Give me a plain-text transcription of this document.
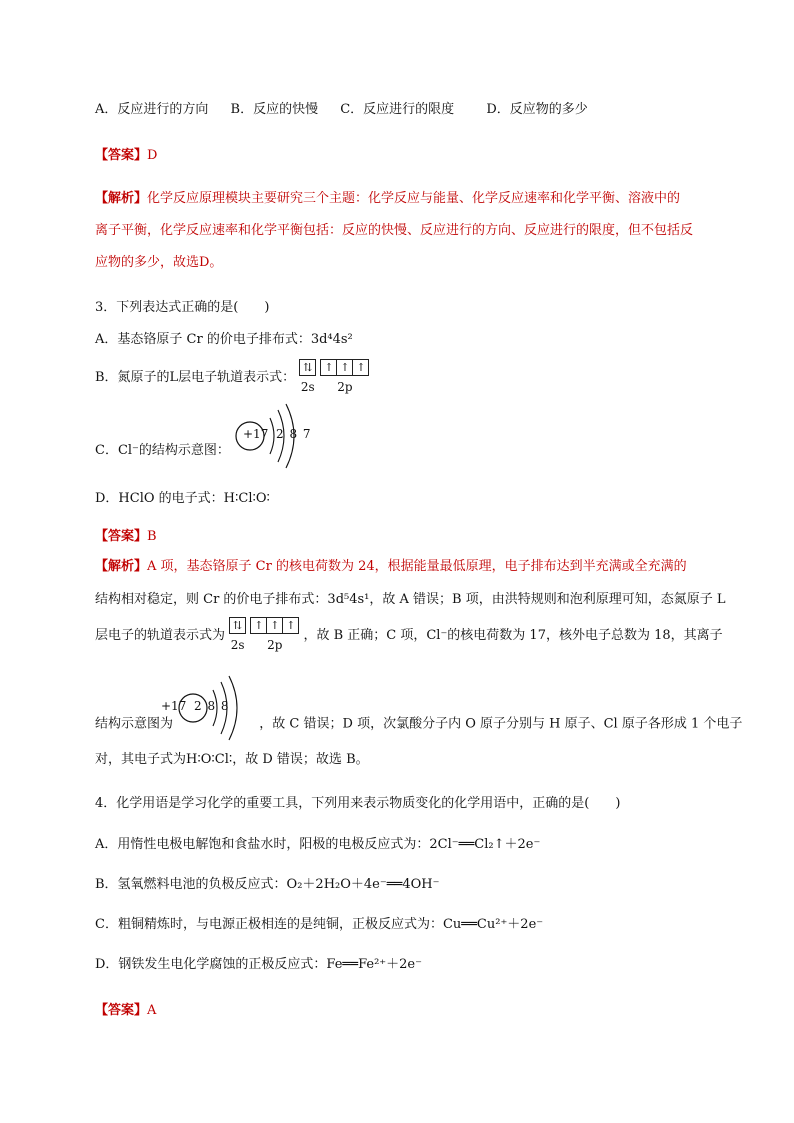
A．反应进行的方向 B．反应的快慢 C．反应进行的限度 D．反应物的多少
【答案】D
【解析】化学反应原理模块主要研究三个主题：化学反应与能量、化学反应速率和化学平衡、溶液中的
离子平衡，化学反应速率和化学平衡包括：反应的快慢、反应进行的方向、反应进行的限度，但不包括反
应物的多少，故选D。
3．下列表达式正确的是(　　)
A．基态铬原子 Cr 的价电子排布式：3d⁴4s²
B．氮原子的L层电子轨道表示式：
⇅

2s
↑ ↑ ↑

2p
C．Cl⁻的结构示意图：
+17 2 8 7
D．HClO 的电子式：H∶Cl∶O∶
【答案】B
【解析】A 项，基态铬原子 Cr 的核电荷数为 24，根据能量最低原理，电子排布达到半充满或全充满的
结构相对稳定，则 Cr 的价电子排布式：3d⁵4s¹，故 A 错误；B 项，由洪特规则和泡利原理可知，态氮原子 L
层电子的轨道表示式为
⇅

2s
↑ ↑ ↑

2p ，故 B 正确；C 项，Cl⁻的核电荷数为 17，核外电子总数为 18，其离子
结构示意图为	，故 C 错误；D 项，次氯酸分子内 O 原子分别与 H 原子、Cl 原子各形成 1 个电子
+17 2 8 8
对，其电子式为H∶O∶Cl∶，故 D 错误；故选 B。
4．化学用语是学习化学的重要工具，下列用来表示物质变化的化学用语中，正确的是(　　)
A．用惰性电极电解饱和食盐水时，阳极的电极反应式为：2Cl⁻══Cl₂↑＋2e⁻
B．氢氧燃料电池的负极反应式：O₂＋2H₂O＋4e⁻══4OH⁻
C．粗铜精炼时，与电源正极相连的是纯铜，正极反应式为：Cu══Cu²⁺＋2e⁻
D．钢铁发生电化学腐蚀的正极反应式：Fe══Fe²⁺＋2e⁻
【答案】A
